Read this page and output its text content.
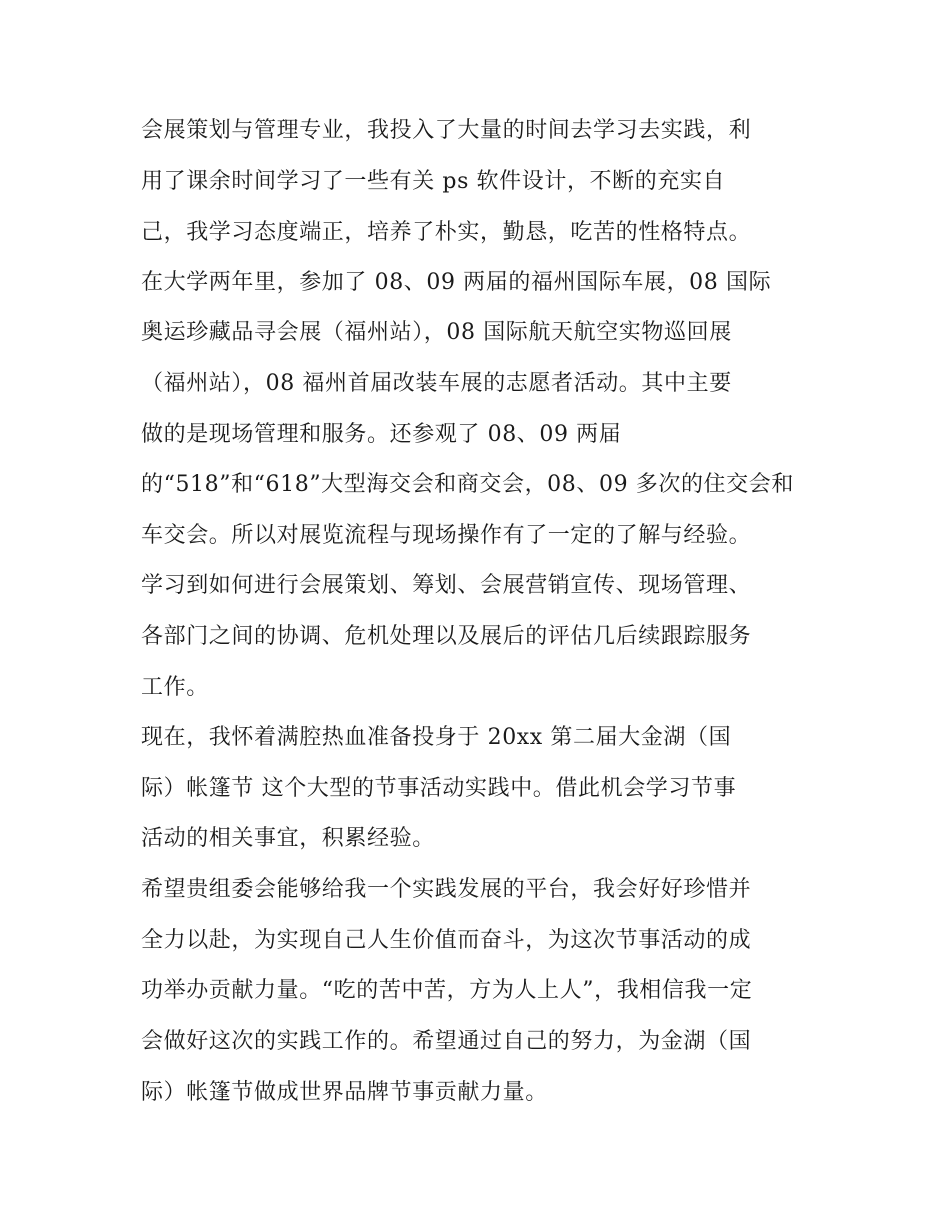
会展策划与管理专业，我投入了大量的时间去学习去实践，利
用了课余时间学习了一些有关 ps 软件设计，不断的充实自
己，我学习态度端正，培养了朴实，勤恳，吃苦的性格特点。
在大学两年里，参加了 08、09 两届的福州国际车展，08 国际
奥运珍藏品寻会展（福州站），08 国际航天航空实物巡回展
（福州站），08 福州首届改装车展的志愿者活动。其中主要
做的是现场管理和服务。还参观了 08、09 两届
的“518”和“618”大型海交会和商交会，08、09 多次的住交会和
车交会。所以对展览流程与现场操作有了一定的了解与经验。
学习到如何进行会展策划、筹划、会展营销宣传、现场管理、
各部门之间的协调、危机处理以及展后的评估几后续跟踪服务
工作。
现在，我怀着满腔热血准备投身于 20xx 第二届大金湖（国
际）帐篷节 这个大型的节事活动实践中。借此机会学习节事
活动的相关事宜，积累经验。
希望贵组委会能够给我一个实践发展的平台，我会好好珍惜并
全力以赴，为实现自己人生价值而奋斗，为这次节事活动的成
功举办贡献力量。“吃的苦中苦，方为人上人”，我相信我一定
会做好这次的实践工作的。希望通过自己的努力，为金湖（国
际）帐篷节做成世界品牌节事贡献力量。
